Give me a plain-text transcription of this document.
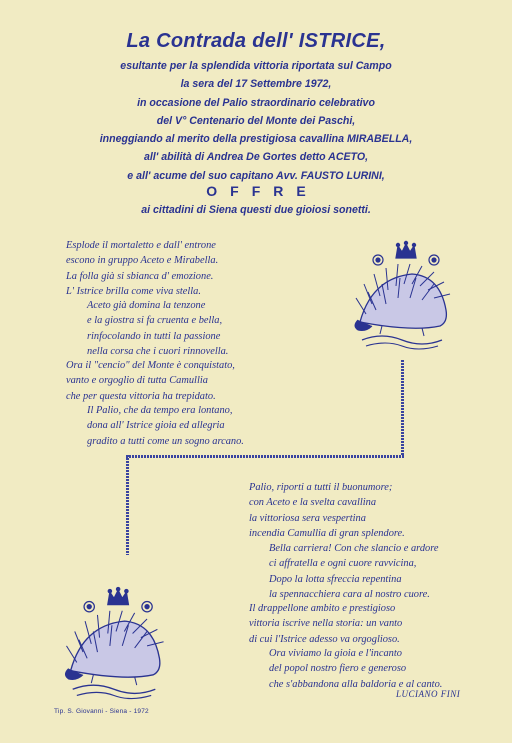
La Contrada dell' ISTRICE,
esultante per la splendida vittoria riportata sul Campo
la sera del 17 Settembre 1972,
in occasione del Palio straordinario celebrativo
del V° Centenario del Monte dei Paschi,
inneggiando al merito della prestigiosa cavallina MIRABELLA,
all' abilità di Andrea De Gortes detto ACETO,
e all' acume del suo capitano Avv. FAUSTO LURINI,
OFFRE
ai cittadini di Siena questi due gioiosi sonetti.

Esplode il mortaletto e dall' entrone

escono in gruppo Aceto e Mirabella.

La folla già si sbianca d' emozione.

L' Istrice brilla come viva stella.

Aceto già domina la tenzone

e la giostra si fa cruenta e bella,

rinfocolando in tutti la passione

nella corsa che i cuori rinnovella.

Ora il "cencio" del Monte è conquistato,

vanto e orgoglio di tutta Camullia

che per questa vittoria ha trepidato.

Il Palio, che da tempo era lontano,

dona all' Istrice gioia ed allegria

gradito a tutti come un sogno arcano.

Palio, riporti a tutti il buonumore;

con Aceto e la svelta cavallina

la vittoriosa sera vespertina

incendia Camullia di gran splendore.

Bella carriera! Con che slancio e ardore

ci affratella e ogni cuore ravvicina,

Dopo la lotta sfreccia repentina

la spennacchiera cara al nostro cuore.

Il drappellone ambito e prestigioso

vittoria iscrive nella storia: un vanto

di cui l'Istrice adesso va orgoglioso.

Ora viviamo la gioia e l'incanto

del popol nostro fiero e generoso

che s'abbandona alla baldoria e al canto.

LUCIANO FINI
Tip. S. Giovanni - Siena - 1972
